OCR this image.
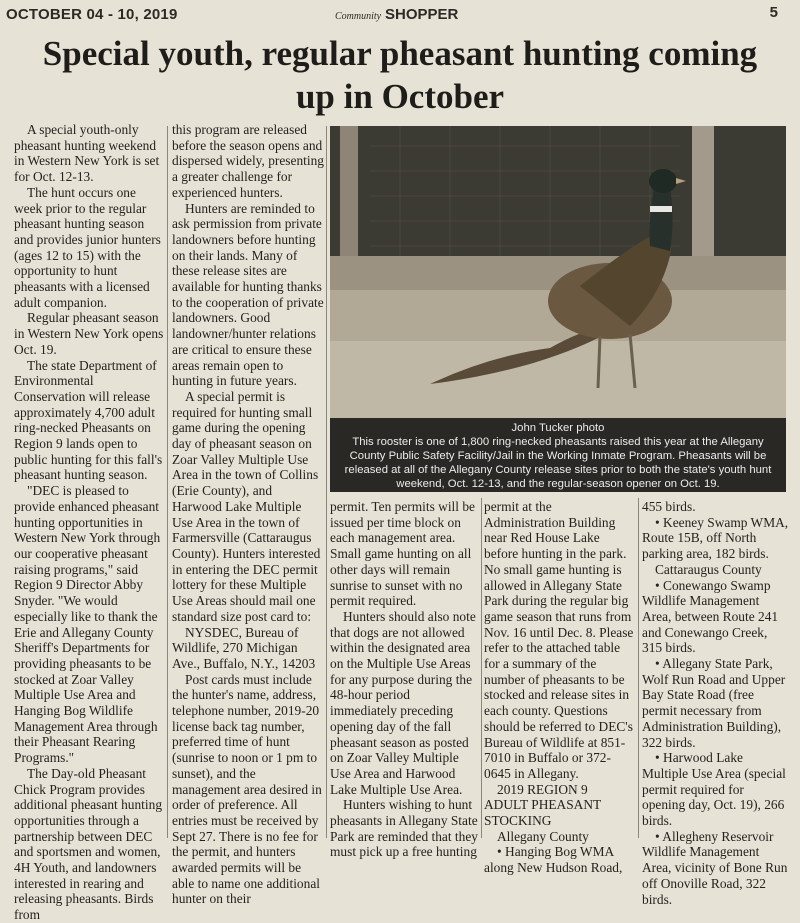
OCTOBER 04 - 10, 2019	Community SHOPPER	5
Special youth, regular pheasant hunting coming up in October

A special youth-only pheasant hunting weekend in Western New York is set for Oct. 12-13.

The hunt occurs one week prior to the regular pheasant hunting season and provides junior hunters (ages 12 to 15) with the opportunity to hunt pheasants with a licensed adult companion.

Regular pheasant season in Western New York opens Oct. 19.

The state Department of Environmental Conservation will release approximately 4,700 adult ring-necked Pheasants on Region 9 lands open to public hunting for this fall's pheasant hunting season.

"DEC is pleased to provide enhanced pheasant hunting opportunities in Western New York through our cooperative pheasant raising programs," said Region 9 Director Abby Snyder. "We would especially like to thank the Erie and Allegany County Sheriff's Departments for providing pheasants to be stocked at Zoar Valley Multiple Use Area and Hanging Bog Wildlife Management Area through their Pheasant Rearing Programs."

The Day-old Pheasant Chick Program provides additional pheasant hunting opportunities through a partnership between DEC and sportsmen and women, 4H Youth, and landowners interested in rearing and releasing pheasants. Birds from

this program are released before the season opens and dispersed widely, presenting a greater challenge for experienced hunters.

Hunters are reminded to ask permission from private landowners before hunting on their lands. Many of these release sites are available for hunting thanks to the cooperation of private landowners. Good landowner/hunter relations are critical to ensure these areas remain open to hunting in future years.

A special permit is required for hunting small game during the opening day of pheasant season on Zoar Valley Multiple Use Area in the town of Collins (Erie County), and Harwood Lake Multiple Use Area in the town of Farmersville (Cattaraugus County). Hunters interested in entering the DEC permit lottery for these Multiple Use Areas should mail one standard size post card to:

NYSDEC, Bureau of Wildlife, 270 Michigan Ave., Buffalo, N.Y., 14203

Post cards must include the hunter's name, address, telephone number, 2019-20 license back tag number, preferred time of hunt (sunrise to noon or 1 pm to sunset), and the management area desired in order of preference. All entries must be received by Sept 27. There is no fee for the permit, and hunters awarded permits will be able to name one additional hunter on their

John Tucker photo
This rooster is one of 1,800 ring-necked pheasants raised this year at the Allegany County Public Safety Facility/Jail in the Working Inmate Program. Pheasants will be released at all of the Allegany County release sites prior to both the state's youth hunt weekend, Oct. 12-13, and the regular-season opener on Oct. 19.

permit. Ten permits will be issued per time block on each management area. Small game hunting on all other days will remain sunrise to sunset with no permit required.

Hunters should also note that dogs are not allowed within the designated area on the Multiple Use Areas for any purpose during the 48-hour period immediately preceding opening day of the fall pheasant season as posted on Zoar Valley Multiple Use Area and Harwood Lake Multiple Use Area.

Hunters wishing to hunt pheasants in Allegany State Park are reminded that they must pick up a free hunting

permit at the Administration Building near Red House Lake before hunting in the park. No small game hunting is allowed in Allegany State Park during the regular big game season that runs from Nov. 16 until Dec. 8. Please refer to the attached table for a summary of the number of pheasants to be stocked and release sites in each county. Questions should be referred to DEC's Bureau of Wildlife at 851-7010 in Buffalo or 372- 0645 in Allegany.

2019 REGION 9 ADULT PHEASANT STOCKING

Allegany County

• Hanging Bog WMA along New Hudson Road,

455 birds.

• Keeney Swamp WMA, Route 15B, off North parking area, 182 birds.

Cattaraugus County

• Conewango Swamp Wildlife Management Area, between Route 241 and Conewango Creek, 315 birds.

• Allegany State Park, Wolf Run Road and Upper Bay State Road (free permit necessary from Administration Building), 322 birds.

• Harwood Lake Multiple Use Area (special permit required for opening day, Oct. 19), 266 birds.

• Allegheny Reservoir Wildlife Management Area, vicinity of Bone Run off Onoville Road, 322 birds.
